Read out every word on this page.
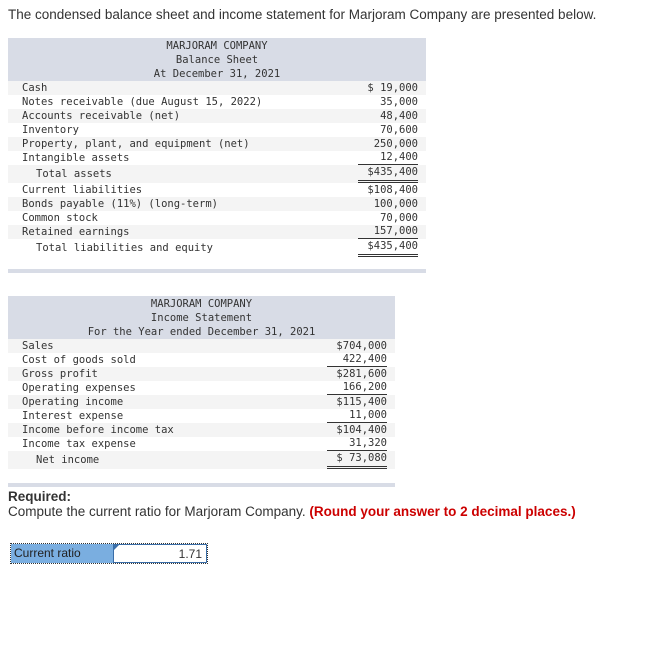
The condensed balance sheet and income statement for Marjoram Company are presented below.
MARJORAM COMPANY
Balance Sheet
At December 31, 2021
Cash	$ 19,000
Notes receivable (due August 15, 2022)	35,000
Accounts receivable (net)	48,400
Inventory	70,600
Property, plant, and equipment (net)	250,000
Intangible assets	12,400
Total assets	$435,400
Current liabilities	$108,400
Bonds payable (11%) (long-term)	100,000
Common stock	70,000
Retained earnings	157,000
Total liabilities and equity	$435,400
MARJORAM COMPANY
Income Statement
For the Year ended December 31, 2021
Sales	$704,000
Cost of goods sold	422,400
Gross profit	$281,600
Operating expenses	166,200
Operating income	$115,400
Interest expense	11,000
Income before income tax	$104,400
Income tax expense	31,320
Net income	$ 73,080
Required:
Compute the current ratio for Marjoram Company. (Round your answer to 2 decimal places.)
Current ratio	1.71
